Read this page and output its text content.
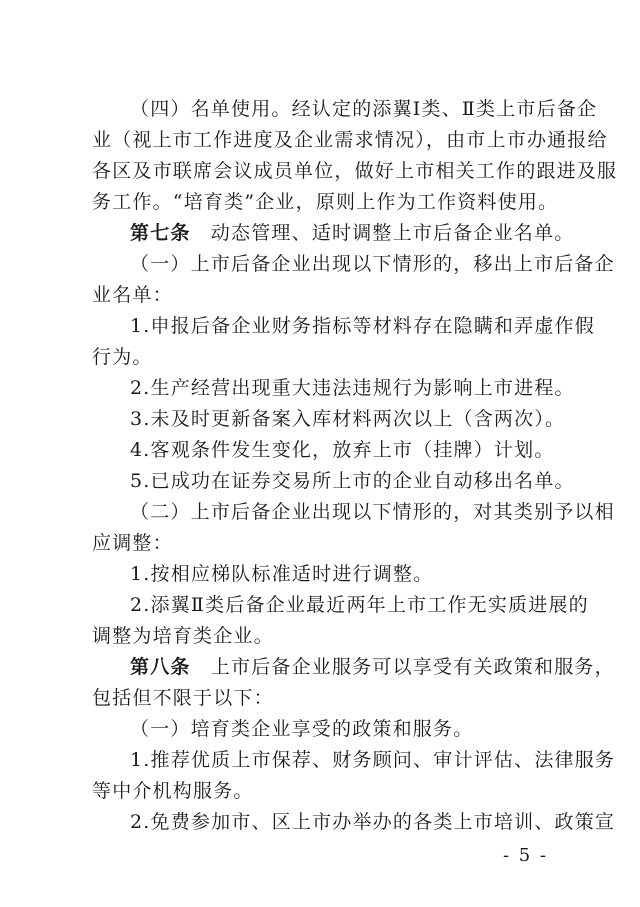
（四）名单使用。经认定的添翼Ⅰ类、Ⅱ类上市后备企
业（视上市工作进度及企业需求情况），由市上市办通报给
各区及市联席会议成员单位，做好上市相关工作的跟进及服
务工作。“培育类”企业，原则上作为工作资料使用。
第七条　动态管理、适时调整上市后备企业名单。
（一）上市后备企业出现以下情形的，移出上市后备企
业名单：
1.申报后备企业财务指标等材料存在隐瞒和弄虚作假
行为。
2.生产经营出现重大违法违规行为影响上市进程。
3.未及时更新备案入库材料两次以上（含两次）。
4.客观条件发生变化，放弃上市（挂牌）计划。
5.已成功在证券交易所上市的企业自动移出名单。
（二）上市后备企业出现以下情形的，对其类别予以相
应调整：
1.按相应梯队标准适时进行调整。
2.添翼Ⅱ类后备企业最近两年上市工作无实质进展的
调整为培育类企业。
第八条　上市后备企业服务可以享受有关政策和服务，
包括但不限于以下：
（一）培育类企业享受的政策和服务。
1.推荐优质上市保荐、财务顾问、审计评估、法律服务
等中介机构服务。
2.免费参加市、区上市办举办的各类上市培训、政策宣
- 5 -
